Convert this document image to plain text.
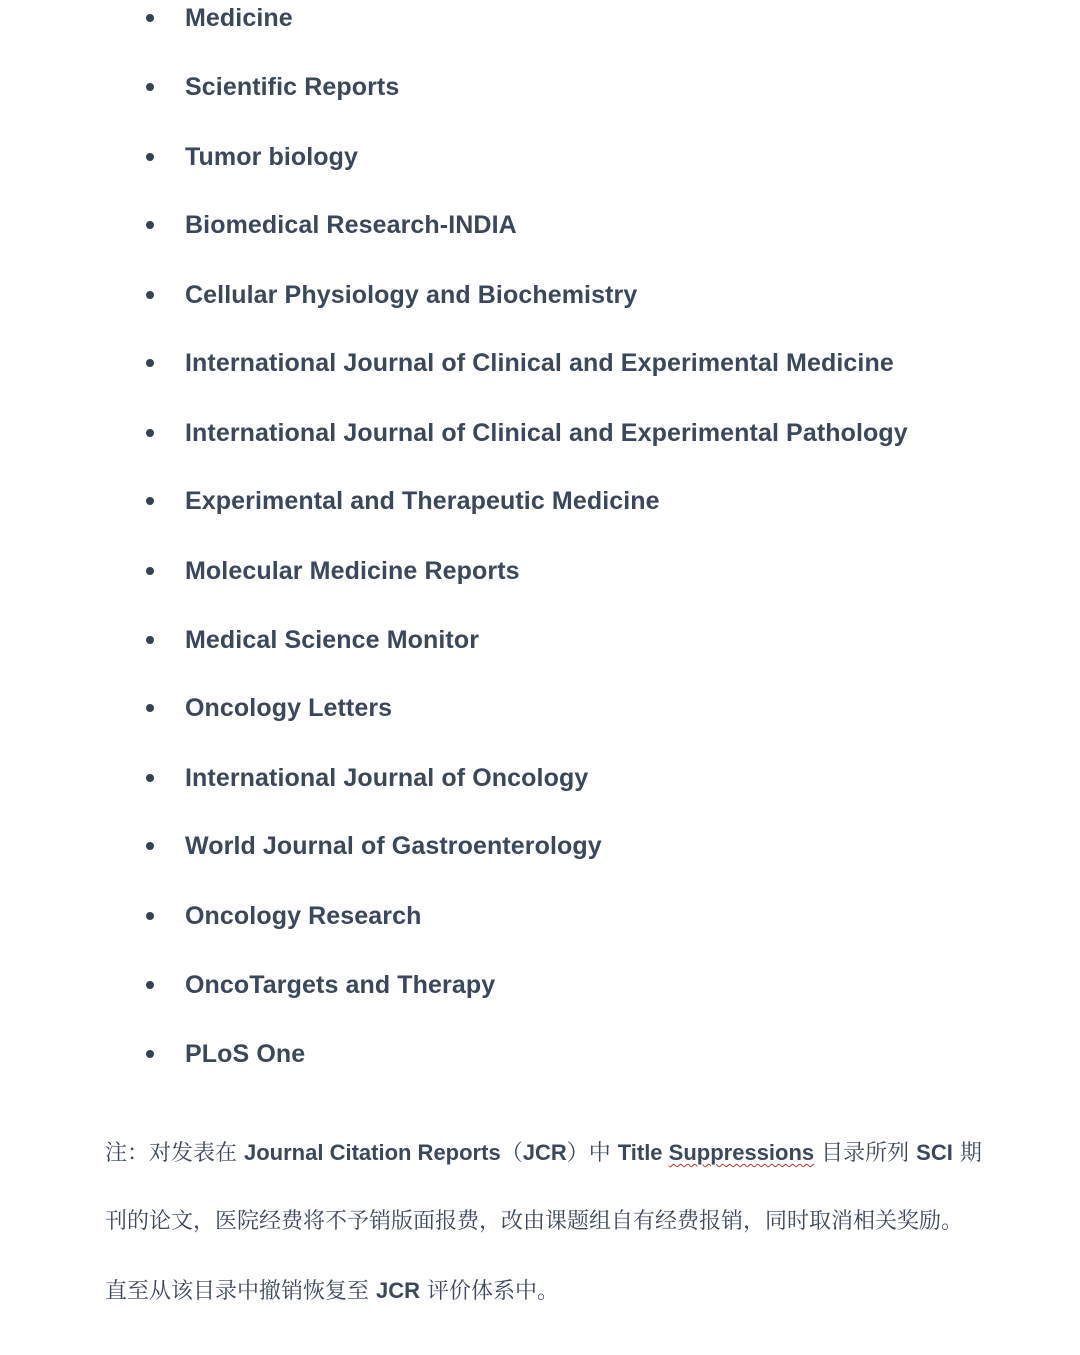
Medicine
Scientific Reports
Tumor biology
Biomedical Research-INDIA
Cellular Physiology and Biochemistry
International Journal of Clinical and Experimental Medicine
International Journal of Clinical and Experimental Pathology
Experimental and Therapeutic Medicine
Molecular Medicine Reports
Medical Science Monitor
Oncology Letters
International Journal of Oncology
World Journal of Gastroenterology
Oncology Research
OncoTargets and Therapy
PLoS One
注：对发表在 Journal Citation Reports（JCR）中 Title Suppressions 目录所列 SCI 期
刊的论文，医院经费将不予销版面报费，改由课题组自有经费报销，同时取消相关奖励。
直至从该目录中撤销恢复至 JCR 评价体系中。
